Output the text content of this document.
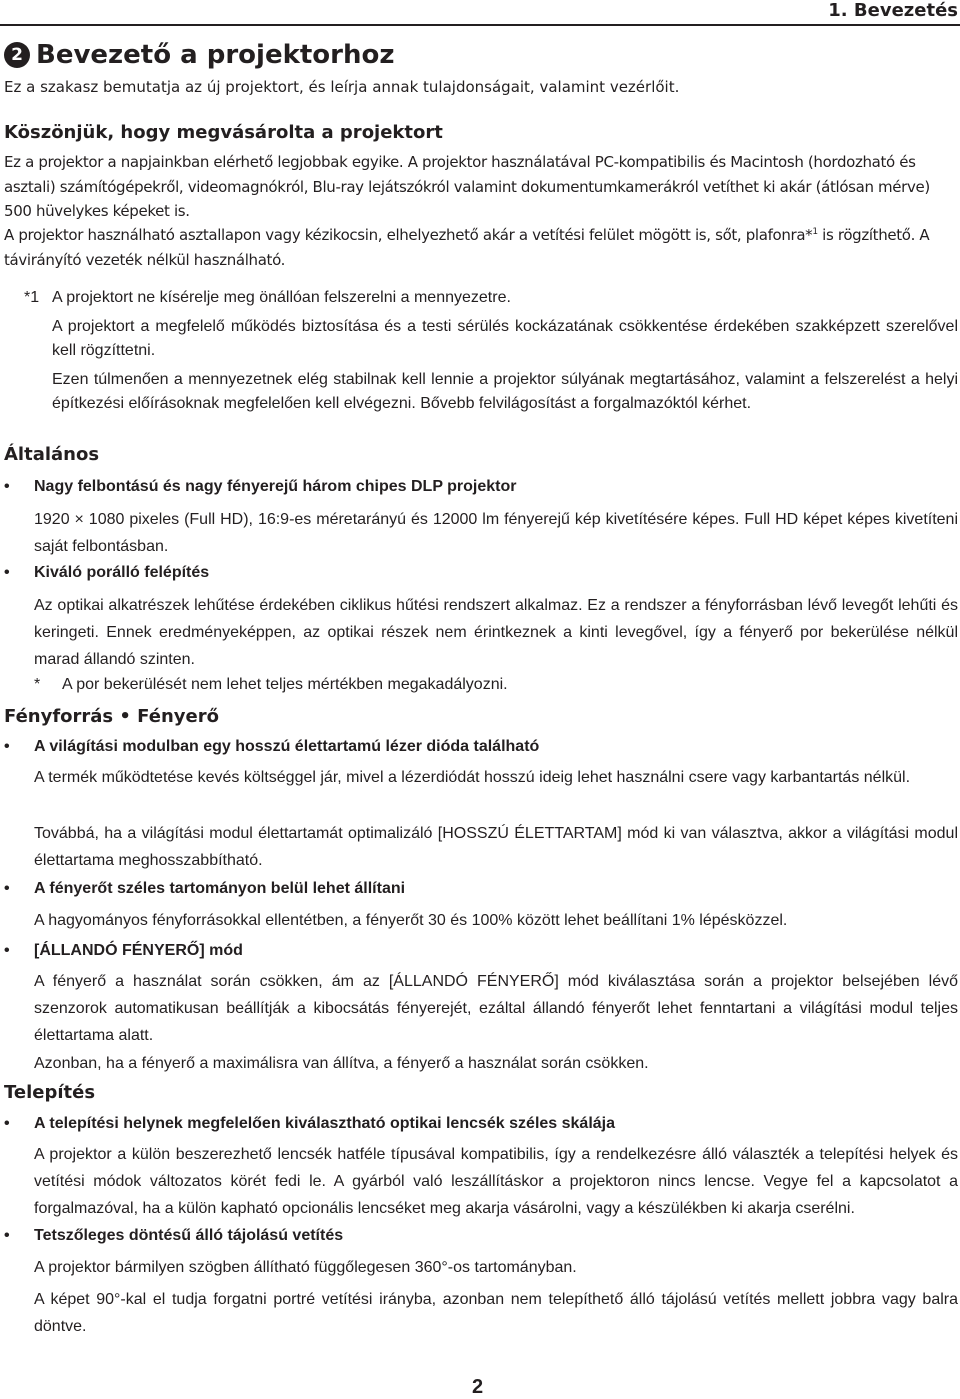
1. Bevezetés
2 Bevezető a projektorhoz
Ez a szakasz bemutatja az új projektort, és leírja annak tulajdonságait, valamint vezérlőit.
Köszönjük, hogy megvásárolta a projektort
Ez a projektor a napjainkban elérhető legjobbak egyike. A projektor használatával PC-kompatibilis és Macintosh (hordozható és asztali) számítógépekről, videomagnókról, Blu-ray lejátszókról valamint dokumentumkamerákról vetíthet ki akár (átlósan mérve) 500 hüvelykes képeket is.
A projektor használható asztallapon vagy kézikocsin, elhelyezhető akár a vetítési felület mögött is, sőt, plafonra*$^1$ is rögzíthető. A távirányító vezeték nélkül használható.
*1 A projektort ne kísérelje meg önállóan felszerelni a mennyezetre.
A projektort a megfelelő működés biztosítása és a testi sérülés kockázatának csökkentése érdekében szakképzett szerelővel kell rögzíttetni.
Ezen túlmenően a mennyezetnek elég stabilnak kell lennie a projektor súlyának megtartásához, valamint a felszerelést a helyi építkezési előírásoknak megfelelően kell elvégezni. Bővebb felvilágosítást a forgalmazóktól kérhet.
Általános
• Nagy felbontású és nagy fényerejű három chipes DLP projektor
1920 × 1080 pixeles (Full HD), 16:9-es méretarányú és 12000 lm fényerejű kép kivetítésére képes. Full HD képet képes kivetíteni saját felbontásban.
• Kiváló porálló felépítés
Az optikai alkatrészek lehűtése érdekében ciklikus hűtési rendszert alkalmaz. Ez a rendszer a fényforrásban lévő levegőt lehűti és keringeti. Ennek eredményeképpen, az optikai részek nem érintkeznek a kinti levegővel, így a fényerő por bekerülése nélkül marad állandó szinten.
* A por bekerülését nem lehet teljes mértékben megakadályozni.
Fényforrás • Fényerő
• A világítási modulban egy hosszú élettartamú lézer dióda található
A termék működtetése kevés költséggel jár, mivel a lézerdiódát hosszú ideig lehet használni csere vagy karbantartás nélkül.
Továbbá, ha a világítási modul élettartamát optimalizáló [HOSSZÚ ÉLETTARTAM] mód ki van választva, akkor a világítási modul élettartama meghosszabbítható.
• A fényerőt széles tartományon belül lehet állítani
A hagyományos fényforrásokkal ellentétben, a fényerőt 30 és 100% között lehet beállítani 1% lépésközzel.
• [ÁLLANDÓ FÉNYERŐ] mód
A fényerő a használat során csökken, ám az [ÁLLANDÓ FÉNYERŐ] mód kiválasztása során a projektor belsejében lévő szenzorok automatikusan beállítják a kibocsátás fényerejét, ezáltal állandó fényerőt lehet fenntartani a világítási modul teljes élettartama alatt.
Azonban, ha a fényerő a maximálisra van állítva, a fényerő a használat során csökken.
Telepítés
• A telepítési helynek megfelelően kiválasztható optikai lencsék széles skálája
A projektor a külön beszerezhető lencsék hatféle típusával kompatibilis, így a rendelkezésre álló választék a telepítési helyek és vetítési módok változatos körét fedi le. A gyárból való leszállításkor a projektoron nincs lencse. Vegye fel a kapcsolatot a forgalmazóval, ha a külön kapható opcionális lencséket meg akarja vásárolni, vagy a készülékben ki akarja cserélni.
• Tetszőleges döntésű álló tájolású vetítés
A projektor bármilyen szögben állítható függőlegesen 360°-os tartományban.
A képet 90°-kal el tudja forgatni portré vetítési irányba, azonban nem telepíthető álló tájolású vetítés mellett jobbra vagy balra döntve.
2
